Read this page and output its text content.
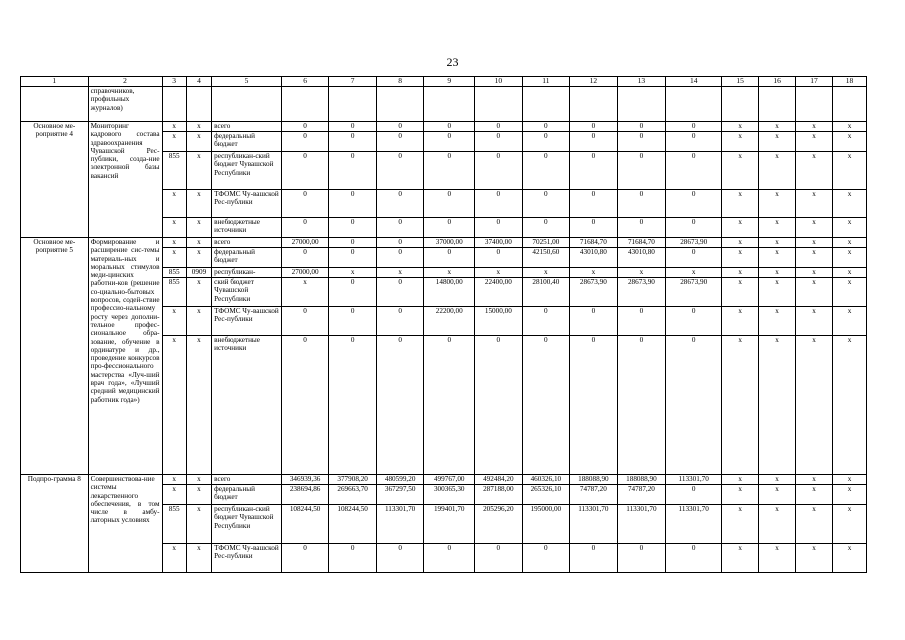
23
1	2	3	4	5	6	7	8	9	10	11	12	13	14	15	16	17	18
	справочников, профильных журналов)																
Основное ме-роприятие 4	Мониторинг кадрового состава здравоохранения Чувашской Рес-публики, созда-ние электронной базы вакансий	x	x	всего	0	0	0	0	0	0	0	0	0	x	x	x	x
		x	x	федеральный бюджет	0	0	0	0	0	0	0	0	0	x	x	x	x
		855	x	республикан-ский бюджет Чувашской Республики	0	0	0	0	0	0	0	0	0	x	x	x	x
		x	x	ТФОМС Чу-вашской Рес-публики	0	0	0	0	0	0	0	0	0	x	x	x	x
		x	x	внебюджетные источники	0	0	0	0	0	0	0	0	0	x	x	x	x
Основное ме-роприятие 5	Формирование и расширение сис-темы материаль-ных и моральных стимулов меди-цинских работни-ков (решение со-циально-бытовых вопросов, содей-ствие профессио-нальному росту через дополни-тельное профес-сиональное обра-зование, обучение в ординатуре и др., проведение конкурсов про-фессионального мастерства «Луч-ший врач года», «Лучший средний медицинский работник года»)	x	x	всего	27000,00	0	0	37000,00	37400,00	70251,00	71684,70	71684,70	28673,90	x	x	x	x
		x	x	федеральный бюджет	0	0	0	0	0	42150,60	43010,80	43010,80	0	x	x	x	x
		855	0909	республикан-	27000,00	x	x	x	x	x	x	x	x	x	x	x	x
		855	x	ский бюджет Чувашской Республики	x	0	0	14800,00	22400,00	28100,40	28673,90	28673,90	28673,90	x	x	x	x
		x	x	ТФОМС Чу-вашской Рес-публики	0	0	0	22200,00	15000,00	0	0	0	0	x	x	x	x
		x	x	внебюджетные источники	0	0	0	0	0	0	0	0	0	x	x	x	x
Подпро-грамма 8	Совершенствова-ние системы лекарственного обеспечения, в том числе в амбу-латорных условиях	x	x	всего	346939,36	377908,20	480599,20	499767,00	492484,20	460326,10	188088,90	188088,90	113301,70	x	x	x	x
		x	x	федеральный бюджет	238694,86	269663,70	367297,50	300365,30	287188,00	265326,10	74787,20	74787,20	0	x	x	x	x
		855	x	республикан-ский бюджет Чувашской Республики	108244,50	108244,50	113301,70	199401,70	205296,20	195000,00	113301,70	113301,70	113301,70	x	x	x	x
		x	x	ТФОМС Чу-вашской Рес-публики	0	0	0	0	0	0	0	0	0	x	x	x	x
